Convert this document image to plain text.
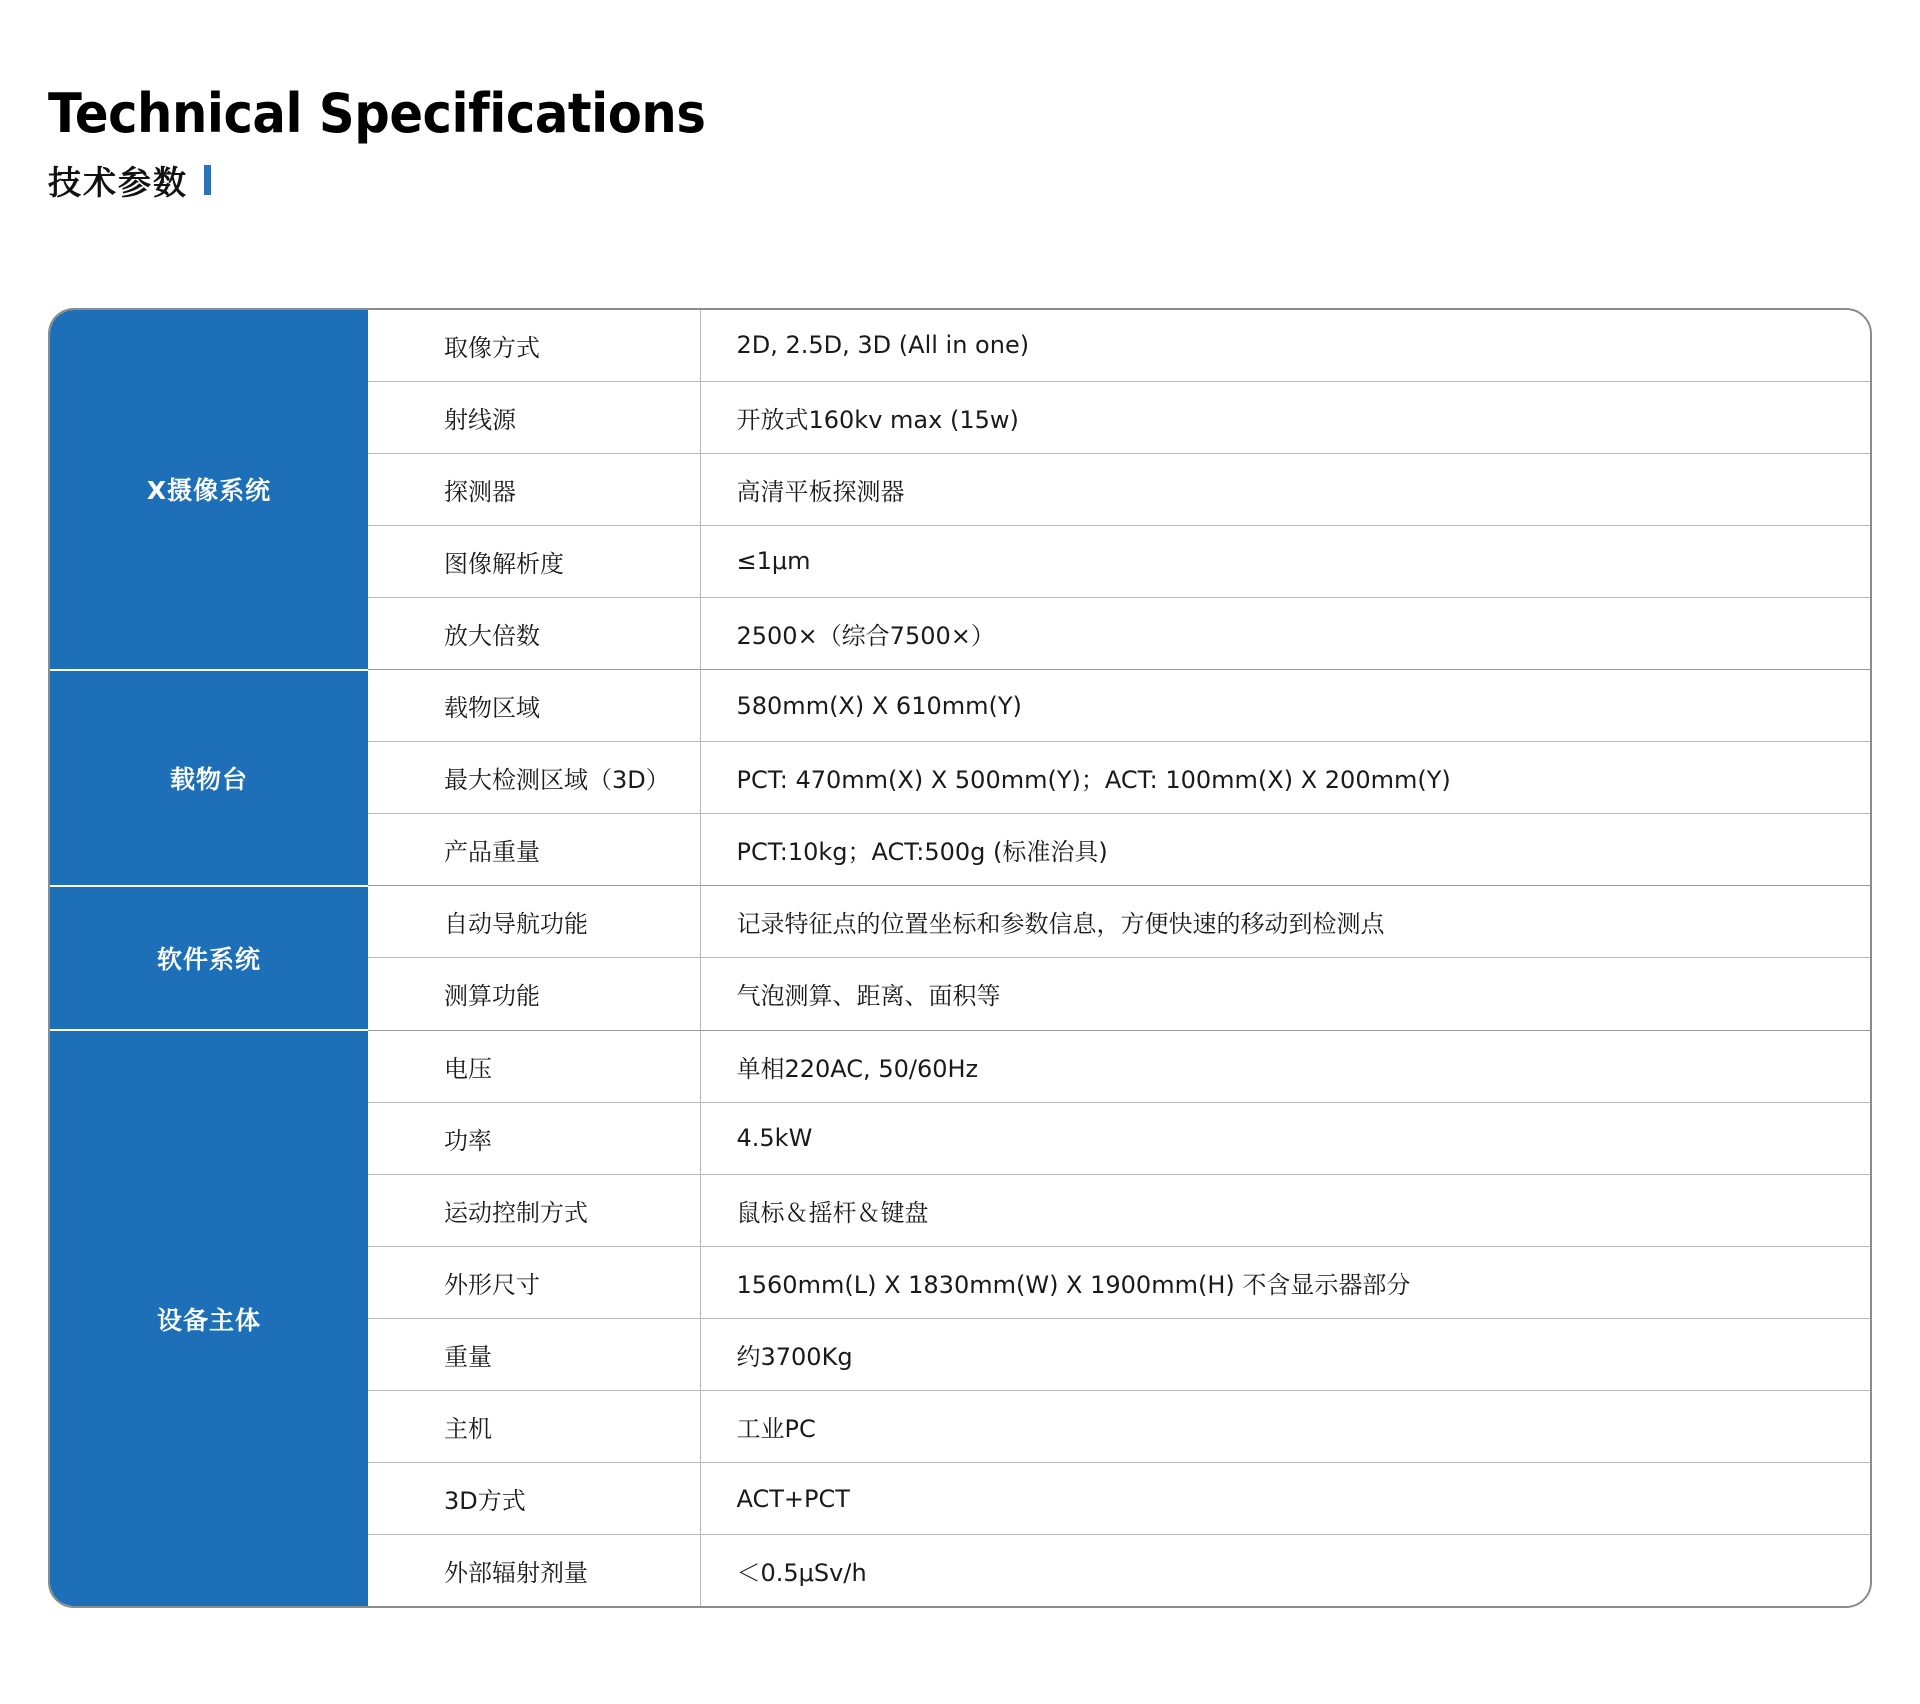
Technical Specifications
技术参数
X摄像系统	取像方式	2D, 2.5D, 3D (All in one)
	射线源	开放式160kv max (15w)
	探测器	高清平板探测器
	图像解析度	≤1μm
	放大倍数	2500×（综合7500×）
载物台	载物区域	580mm(X) X 610mm(Y)
	最大检测区域（3D）	PCT: 470mm(X) X 500mm(Y)；ACT: 100mm(X) X 200mm(Y)
	产品重量	PCT:10kg；ACT:500g (标准治具)
软件系统	自动导航功能	记录特征点的位置坐标和参数信息，方便快速的移动到检测点
	测算功能	气泡测算、距离、面积等
设备主体	电压	单相220AC, 50/60Hz
	功率	4.5kW
	运动控制方式	鼠标＆摇杆＆键盘
	外形尺寸	1560mm(L) X 1830mm(W) X 1900mm(H) 不含显示器部分
	重量	约3700Kg
	主机	工业PC
	3D方式	ACT+PCT
	外部辐射剂量	＜0.5μSv/h
